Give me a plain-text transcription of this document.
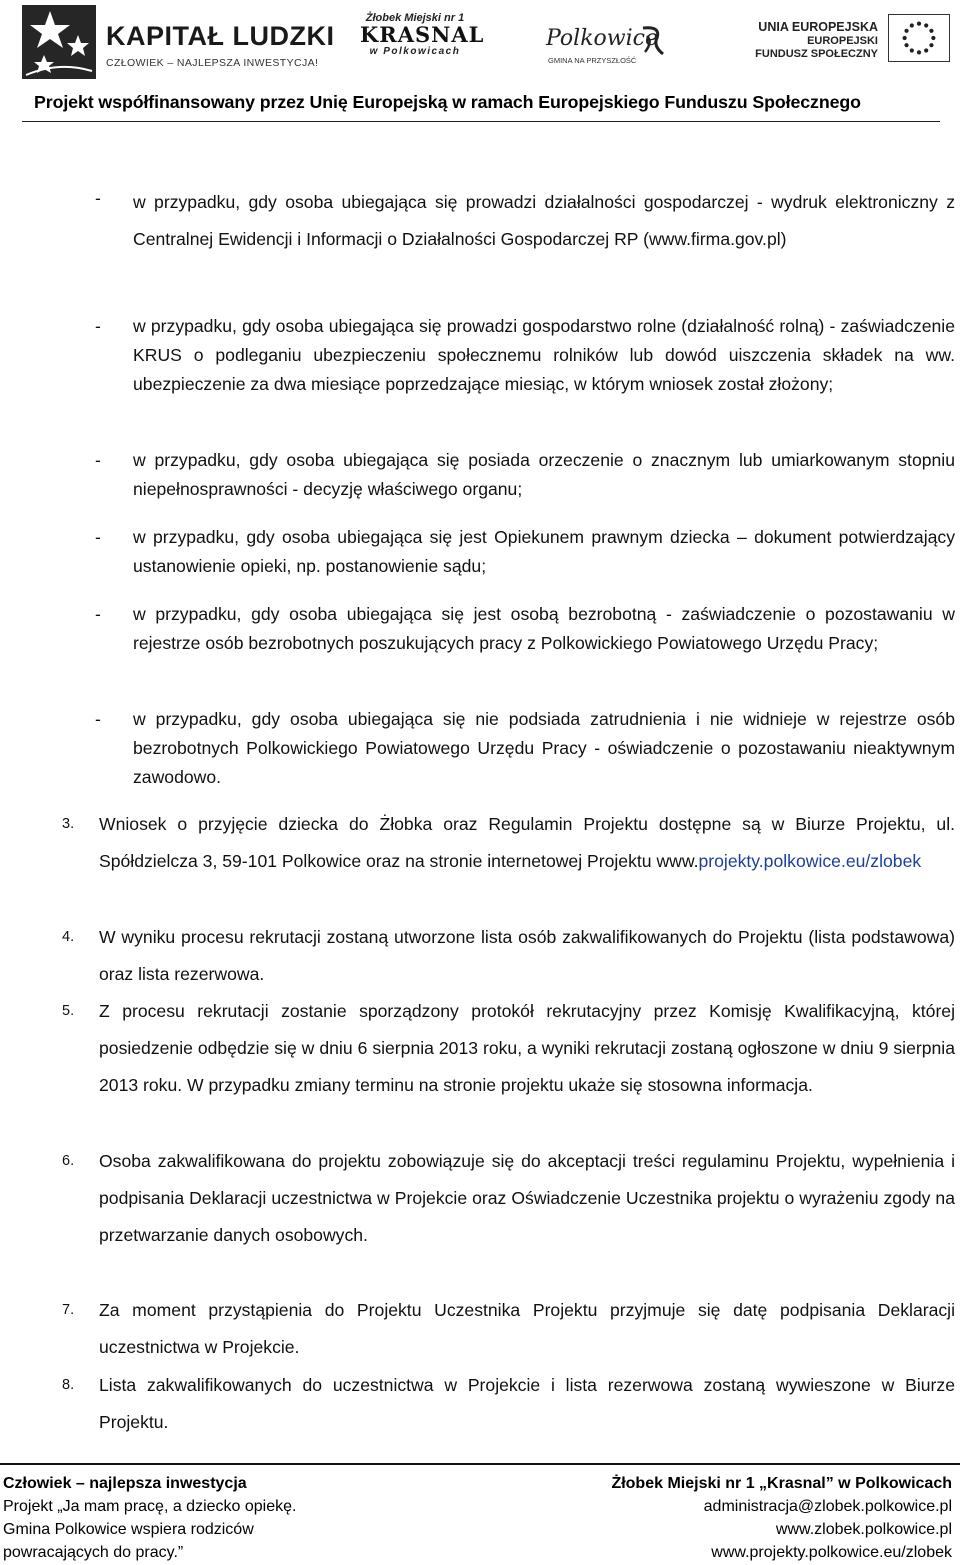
KAPITAŁ LUDZKI
CZŁOWIEK – NAJLEPSZA INWESTYCJA!
Żłobek Miejski nr 1
KRASNAL
w Polkowicach
Polkowice
GMINA NA PRZYSZŁOŚĆ
UNIA EUROPEJSKA
EUROPEJSKI
FUNDUSZ SPOŁECZNY
Projekt współfinansowany przez Unię Europejską w ramach Europejskiego Funduszu Społecznego
- w przypadku, gdy osoba ubiegająca się prowadzi działalności gospodarczej - wydruk elektroniczny z Centralnej Ewidencji i Informacji o Działalności Gospodarczej RP (www.firma.gov.pl)
- w przypadku, gdy osoba ubiegająca się prowadzi gospodarstwo rolne (działalność rolną) - zaświadczenie KRUS o podleganiu ubezpieczeniu społecznemu rolników lub dowód uiszczenia składek na ww. ubezpieczenie za dwa miesiące poprzedzające miesiąc, w którym wniosek został złożony;
- w przypadku, gdy osoba ubiegająca się posiada orzeczenie o znacznym lub umiarkowanym stopniu niepełnosprawności - decyzję właściwego organu;
- w przypadku, gdy osoba ubiegająca się jest Opiekunem prawnym dziecka – dokument potwierdzający ustanowienie opieki, np. postanowienie sądu;
- w przypadku, gdy osoba ubiegająca się jest osobą bezrobotną - zaświadczenie o pozostawaniu w rejestrze osób bezrobotnych poszukujących pracy z Polkowickiego Powiatowego Urzędu Pracy;
- w przypadku, gdy osoba ubiegająca się nie podsiada zatrudnienia i nie widnieje w rejestrze osób bezrobotnych Polkowickiego Powiatowego Urzędu Pracy - oświadczenie o pozostawaniu nieaktywnym zawodowo.
3. Wniosek o przyjęcie dziecka do Żłobka oraz Regulamin Projektu dostępne są w Biurze Projektu, ul. Spółdzielcza 3, 59-101 Polkowice oraz na stronie internetowej Projektu www.projekty.polkowice.eu/zlobek
4. W wyniku procesu rekrutacji zostaną utworzone lista osób zakwalifikowanych do Projektu (lista podstawowa) oraz lista rezerwowa.
5. Z procesu rekrutacji zostanie sporządzony protokół rekrutacyjny przez Komisję Kwalifikacyjną, której posiedzenie odbędzie się w dniu 6 sierpnia 2013 roku, a wyniki rekrutacji zostaną ogłoszone w dniu 9 sierpnia 2013 roku. W przypadku zmiany terminu na stronie projektu ukaże się stosowna informacja.
6. Osoba zakwalifikowana do projektu zobowiązuje się do akceptacji treści regulaminu Projektu, wypełnienia i podpisania Deklaracji uczestnictwa w Projekcie oraz Oświadczenie Uczestnika projektu o wyrażeniu zgody na przetwarzanie danych osobowych.
7. Za moment przystąpienia do Projektu Uczestnika Projektu przyjmuje się datę podpisania Deklaracji uczestnictwa w Projekcie.
8. Lista zakwalifikowanych do uczestnictwa w Projekcie i lista rezerwowa zostaną wywieszone w Biurze Projektu.
Człowiek – najlepsza inwestycja
Projekt „Ja mam pracę, a dziecko opiekę.
Gmina Polkowice wspiera rodziców
powracających do pracy.”
Żłobek Miejski nr 1 „Krasnal” w Polkowicach
administracja@zlobek.polkowice.pl
www.zlobek.polkowice.pl
www.projekty.polkowice.eu/zlobek
